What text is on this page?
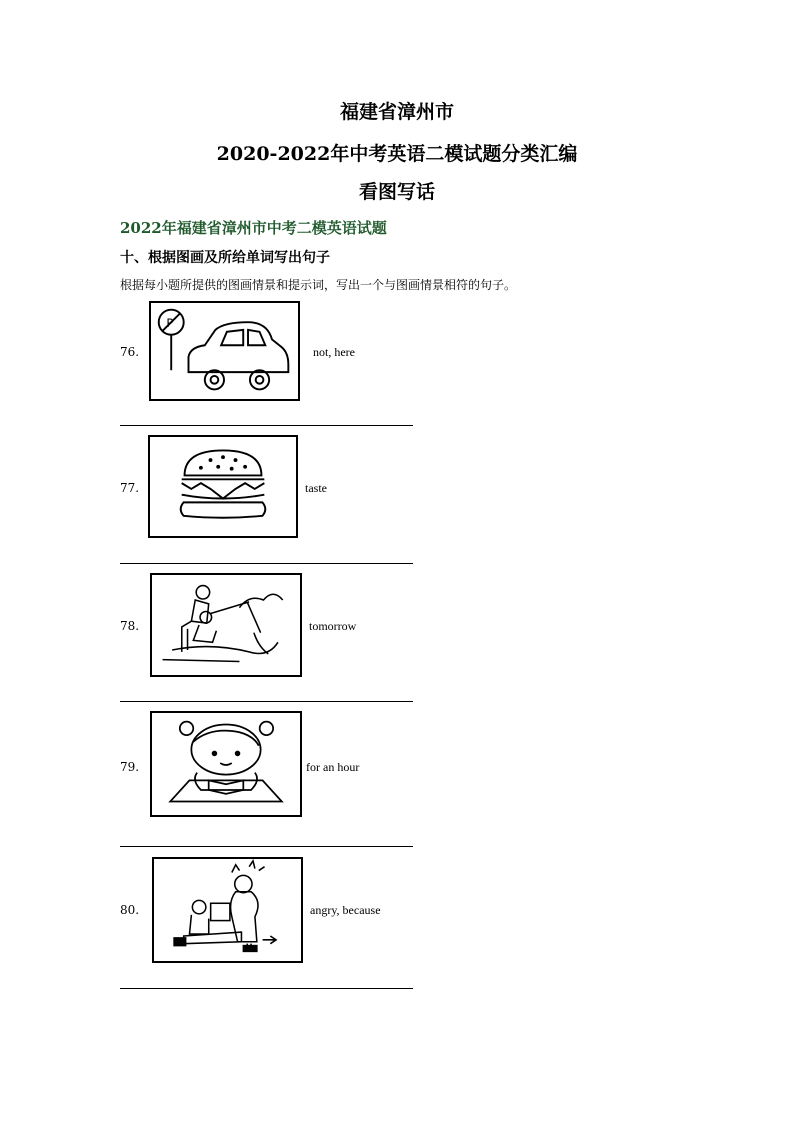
福建省漳州市
2020-2022年中考英语二模试题分类汇编
看图写话
2022年福建省漳州市中考二模英语试题
十、根据图画及所给单词写出句子
根据每小题所提供的图画情景和提示词，写出一个与图画情景相符的句子。
76.
P
not, here
77.	taste
78.	tomorrow
79.	for an hour
80.	angry, because
